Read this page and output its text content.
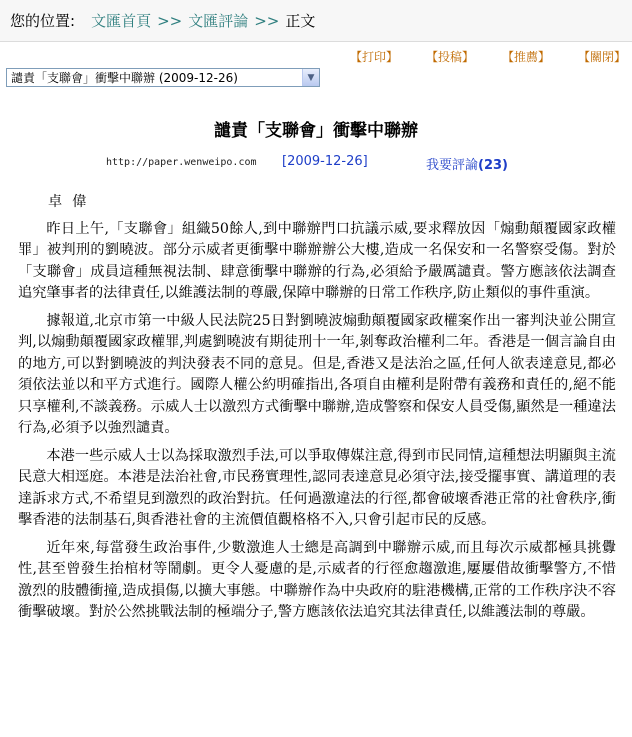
您的位置: 文匯首頁 >> 文匯評論 >> 正文
【打印】	【投稿】	【推薦】	【關閉】
譴責「支聯會」衝擊中聯辦 (2009-12-26)	▼
譴責「支聯會」衝擊中聯辦
http://paper.wenweipo.com [2009-12-26]	我要評論(23)
卓偉

昨日上午,「支聯會」組織50餘人,到中聯辦門口抗議示威,要求釋放因「煽動顛覆國家政權罪」被判刑的劉曉波。部分示威者更衝擊中聯辦辦公大樓,造成一名保安和一名警察受傷。對於「支聯會」成員這種無視法制、肆意衝擊中聯辦的行為,必須給予嚴厲譴責。警方應該依法調查追究肇事者的法律責任,以維護法制的尊嚴,保障中聯辦的日常工作秩序,防止類似的事件重演。

據報道,北京市第一中級人民法院25日對劉曉波煽動顛覆國家政權案作出一審判決並公開宣判,以煽動顛覆國家政權罪,判處劉曉波有期徒刑十一年,剝奪政治權利二年。香港是一個言論自由的地方,可以對劉曉波的判決發表不同的意見。但是,香港又是法治之區,任何人欲表達意見,都必須依法並以和平方式進行。國際人權公約明確指出,各項自由權利是附帶有義務和責任的,絕不能只享權利,不談義務。示威人士以激烈方式衝擊中聯辦,造成警察和保安人員受傷,顯然是一種違法行為,必須予以強烈譴責。

本港一些示威人士以為採取激烈手法,可以爭取傳媒注意,得到市民同情,這種想法明顯與主流民意大相逕庭。本港是法治社會,市民務實理性,認同表達意見必須守法,接受擺事實、講道理的表達訴求方式,不希望見到激烈的政治對抗。任何過激違法的行徑,都會破壞香港正常的社會秩序,衝擊香港的法制基石,與香港社會的主流價值觀格格不入,只會引起市民的反感。

近年來,每當發生政治事件,少數激進人士總是高調到中聯辦示威,而且每次示威都極具挑釁性,甚至曾發生抬棺材等鬧劇。更令人憂慮的是,示威者的行徑愈趨激進,屢屢借故衝擊警方,不惜激烈的肢體衝撞,造成損傷,以擴大事態。中聯辦作為中央政府的駐港機構,正常的工作秩序決不容衝擊破壞。對於公然挑戰法制的極端分子,警方應該依法追究其法律責任,以維護法制的尊嚴。
